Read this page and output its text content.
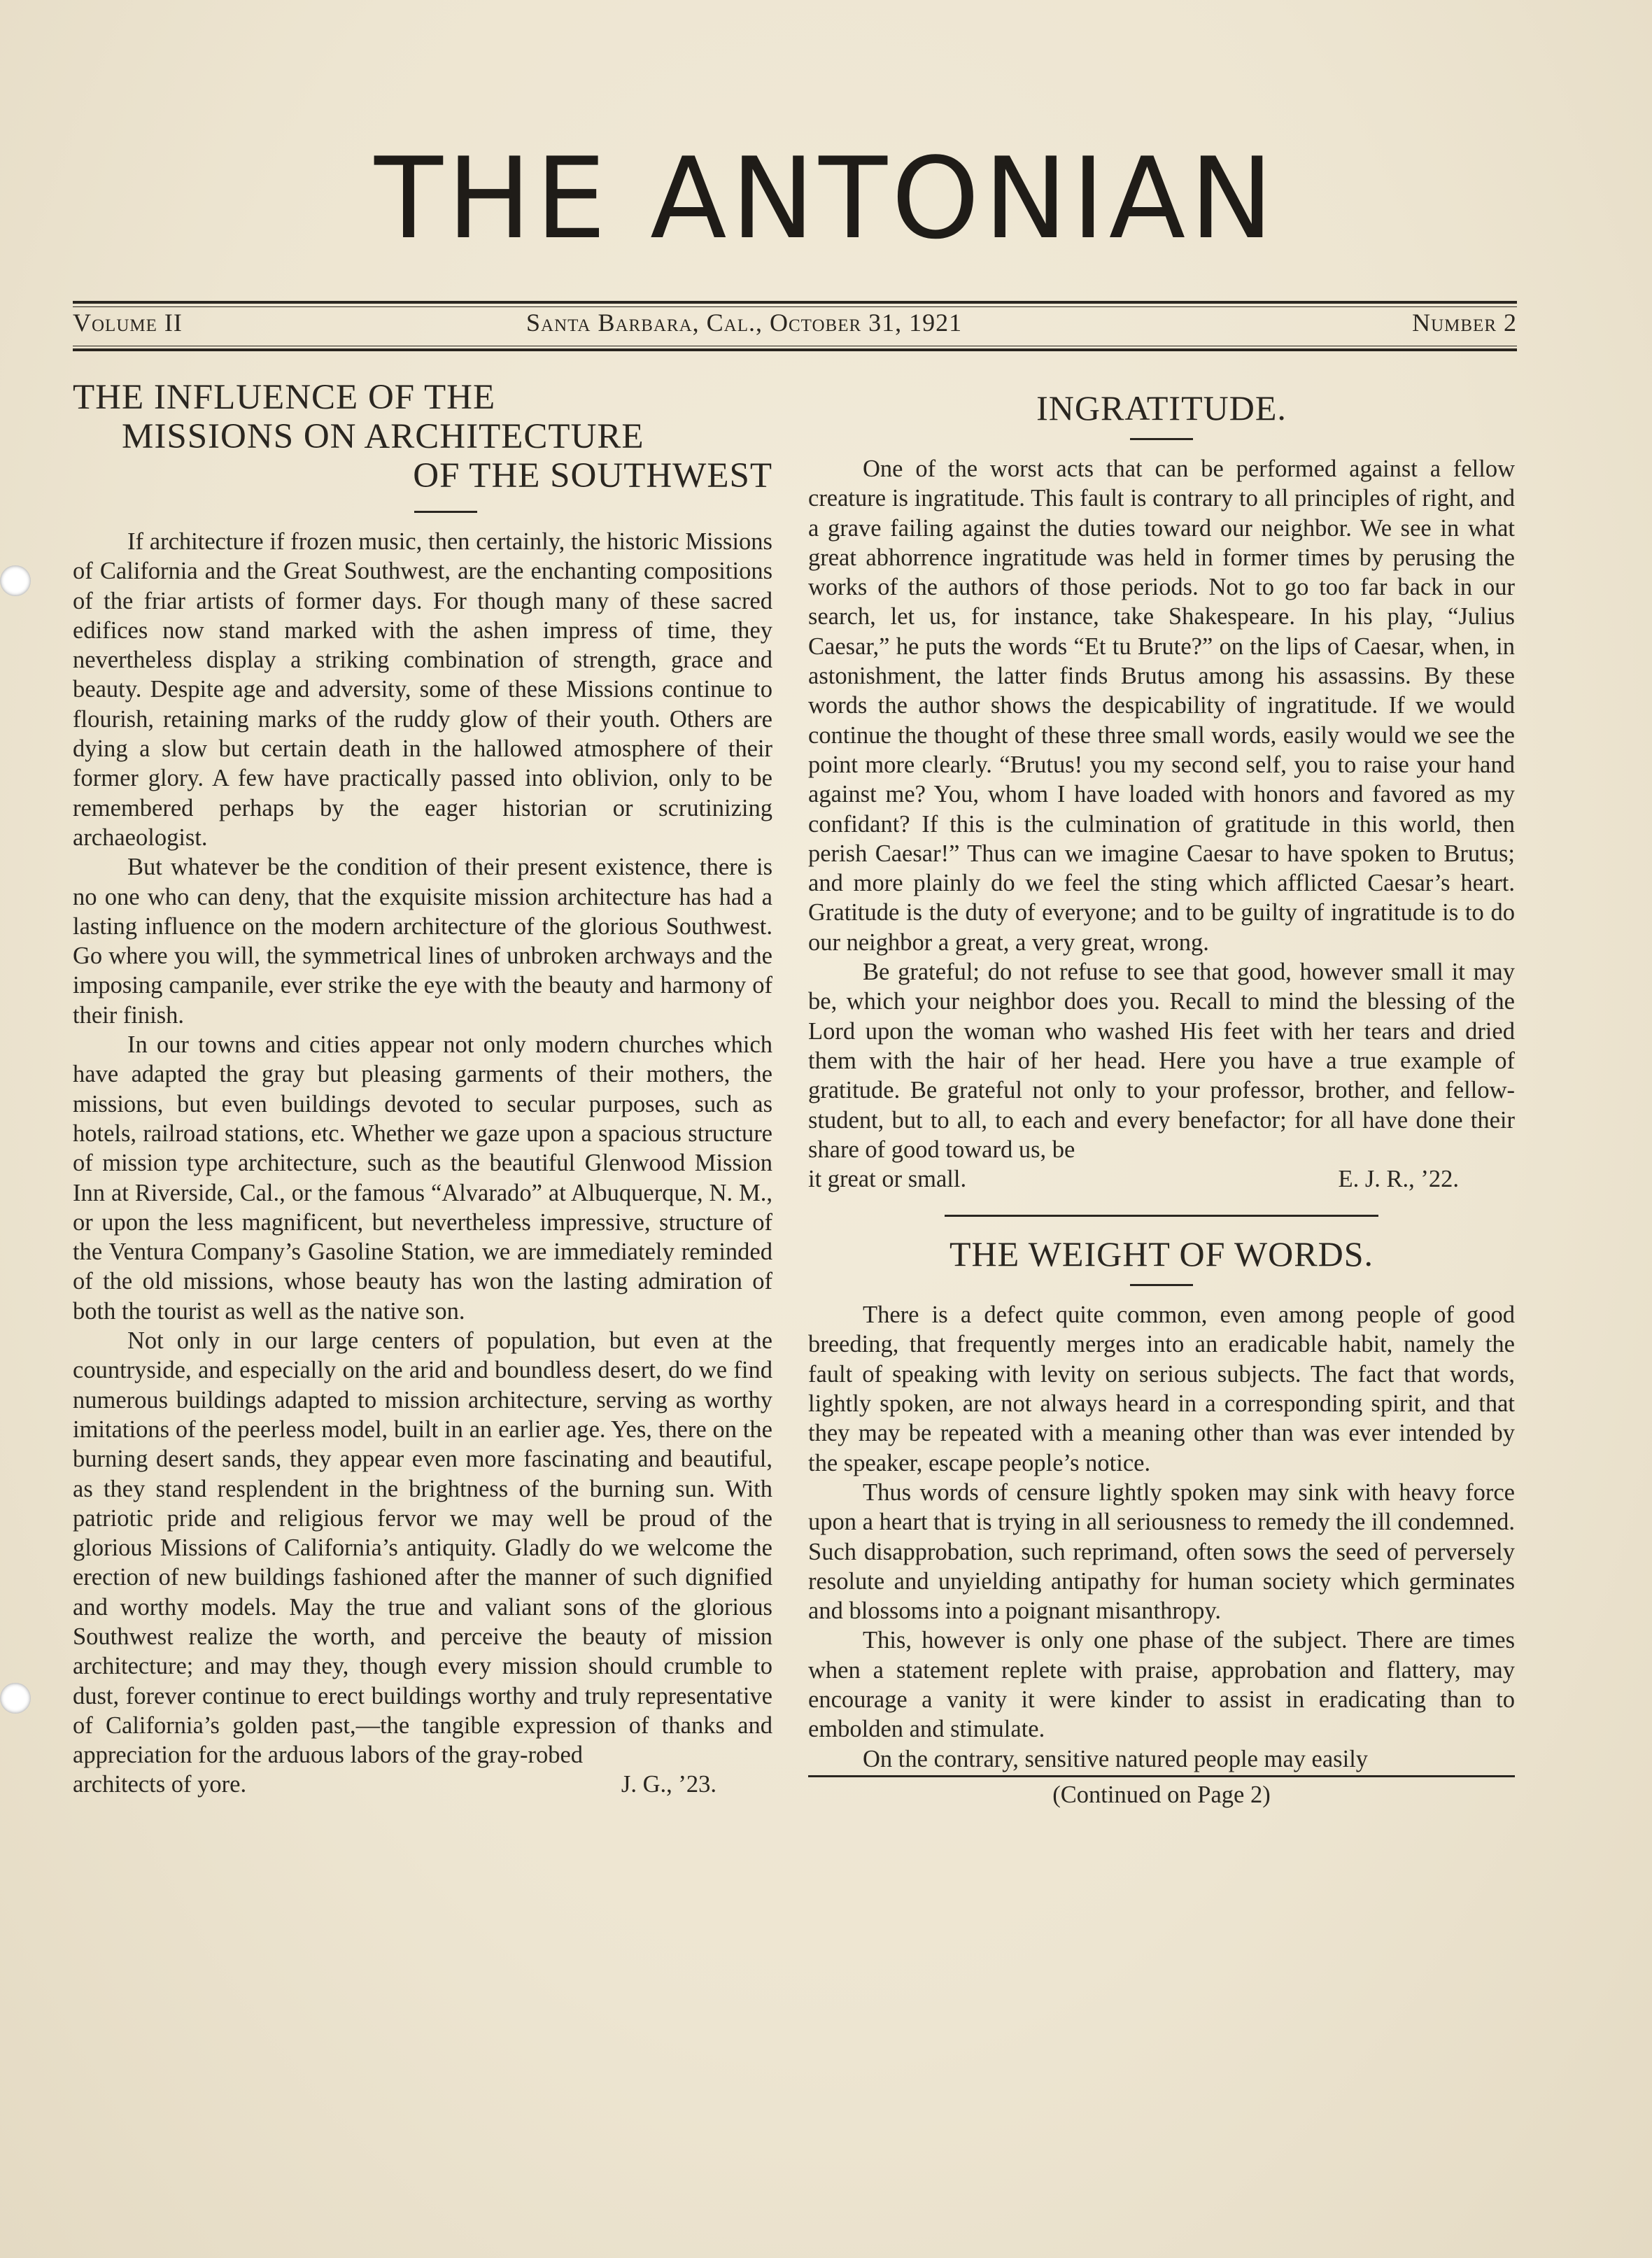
THE ANTONIAN
Volume II	Santa Barbara, Cal., October 31, 1921	Number 2
THE INFLUENCE OF THE
MISSIONS ON ARCHITECTURE
OF THE SOUTHWEST

If architecture if frozen music, then certainly, the historic Missions of California and the Great Southwest, are the enchanting compositions of the friar artists of former days. For though many of these sacred edifices now stand marked with the ashen impress of time, they nevertheless display a striking combination of strength, grace and beauty. Despite age and adversity, some of these Missions continue to flourish, retaining marks of the ruddy glow of their youth. Others are dying a slow but certain death in the hallowed atmosphere of their former glory. A few have practically passed into oblivion, only to be remembered perhaps by the eager historian or scrutinizing archaeologist.

But whatever be the condition of their present existence, there is no one who can deny, that the exquisite mission architecture has had a lasting influence on the modern architecture of the glorious Southwest. Go where you will, the symmetrical lines of unbroken archways and the imposing campanile, ever strike the eye with the beauty and harmony of their finish.

In our towns and cities appear not only modern churches which have adapted the gray but pleasing garments of their mothers, the missions, but even buildings devoted to secular purposes, such as hotels, railroad stations, etc. Whether we gaze upon a spacious structure of mission type architecture, such as the beautiful Glenwood Mission Inn at Riverside, Cal., or the famous “Alvarado” at Albuquerque, N. M., or upon the less magnificent, but nevertheless impressive, structure of the Ventura Company’s Gasoline Station, we are immediately reminded of the old missions, whose beauty has won the lasting admiration of both the tourist as well as the native son.

Not only in our large centers of population, but even at the countryside, and especially on the arid and boundless desert, do we find numerous buildings adapted to mission architecture, serving as worthy imitations of the peerless model, built in an earlier age. Yes, there on the burning desert sands, they appear even more fascinating and beautiful, as they stand resplendent in the brightness of the burning sun. With patriotic pride and religious fervor we may well be proud of the glorious Missions of California’s antiquity. Gladly do we welcome the erection of new buildings fashioned after the manner of such dignified and worthy models. May the true and valiant sons of the glorious Southwest realize the worth, and perceive the beauty of mission architecture; and may they, though every mission should crumble to dust, forever continue to erect buildings worthy and truly representative of California’s golden past,—the tangible expression of thanks and appreciation for the arduous labors of the gray-robed

architects of yore.	J. G., ’23.
INGRATITUDE.

One of the worst acts that can be performed against a fellow creature is ingratitude. This fault is contrary to all principles of right, and a grave failing against the duties toward our neighbor. We see in what great abhorrence ingratitude was held in former times by perusing the works of the authors of those periods. Not to go too far back in our search, let us, for instance, take Shakespeare. In his play, “Julius Caesar,” he puts the words “Et tu Brute?” on the lips of Caesar, when, in astonishment, the latter finds Brutus among his assassins. By these words the author shows the despicability of ingratitude. If we would continue the thought of these three small words, easily would we see the point more clearly. “Brutus! you my second self, you to raise your hand against me? You, whom I have loaded with honors and favored as my confidant? If this is the culmination of gratitude in this world, then perish Caesar!” Thus can we imagine Caesar to have spoken to Brutus; and more plainly do we feel the sting which afflicted Caesar’s heart. Gratitude is the duty of everyone; and to be guilty of ingratitude is to do our neighbor a great, a very great, wrong.

Be grateful; do not refuse to see that good, however small it may be, which your neighbor does you. Recall to mind the blessing of the Lord upon the woman who washed His feet with her tears and dried them with the hair of her head. Here you have a true example of gratitude. Be grateful not only to your professor, brother, and fellow-student, but to all, to each and every benefactor; for all have done their share of good toward us, be

it great or small.	E. J. R., ’22.
THE WEIGHT OF WORDS.

There is a defect quite common, even among people of good breeding, that frequently merges into an eradicable habit, namely the fault of speaking with levity on serious subjects. The fact that words, lightly spoken, are not always heard in a corresponding spirit, and that they may be repeated with a meaning other than was ever intended by the speaker, escape people’s notice.

Thus words of censure lightly spoken may sink with heavy force upon a heart that is trying in all seriousness to remedy the ill condemned. Such disapprobation, such reprimand, often sows the seed of perversely resolute and unyielding antipathy for human society which germinates and blossoms into a poignant misanthropy.

This, however is only one phase of the subject. There are times when a statement replete with praise, approbation and flattery, may encourage a vanity it were kinder to assist in eradicating than to embolden and stimulate.

On the contrary, sensitive natured people may easily

(Continued on Page 2)
